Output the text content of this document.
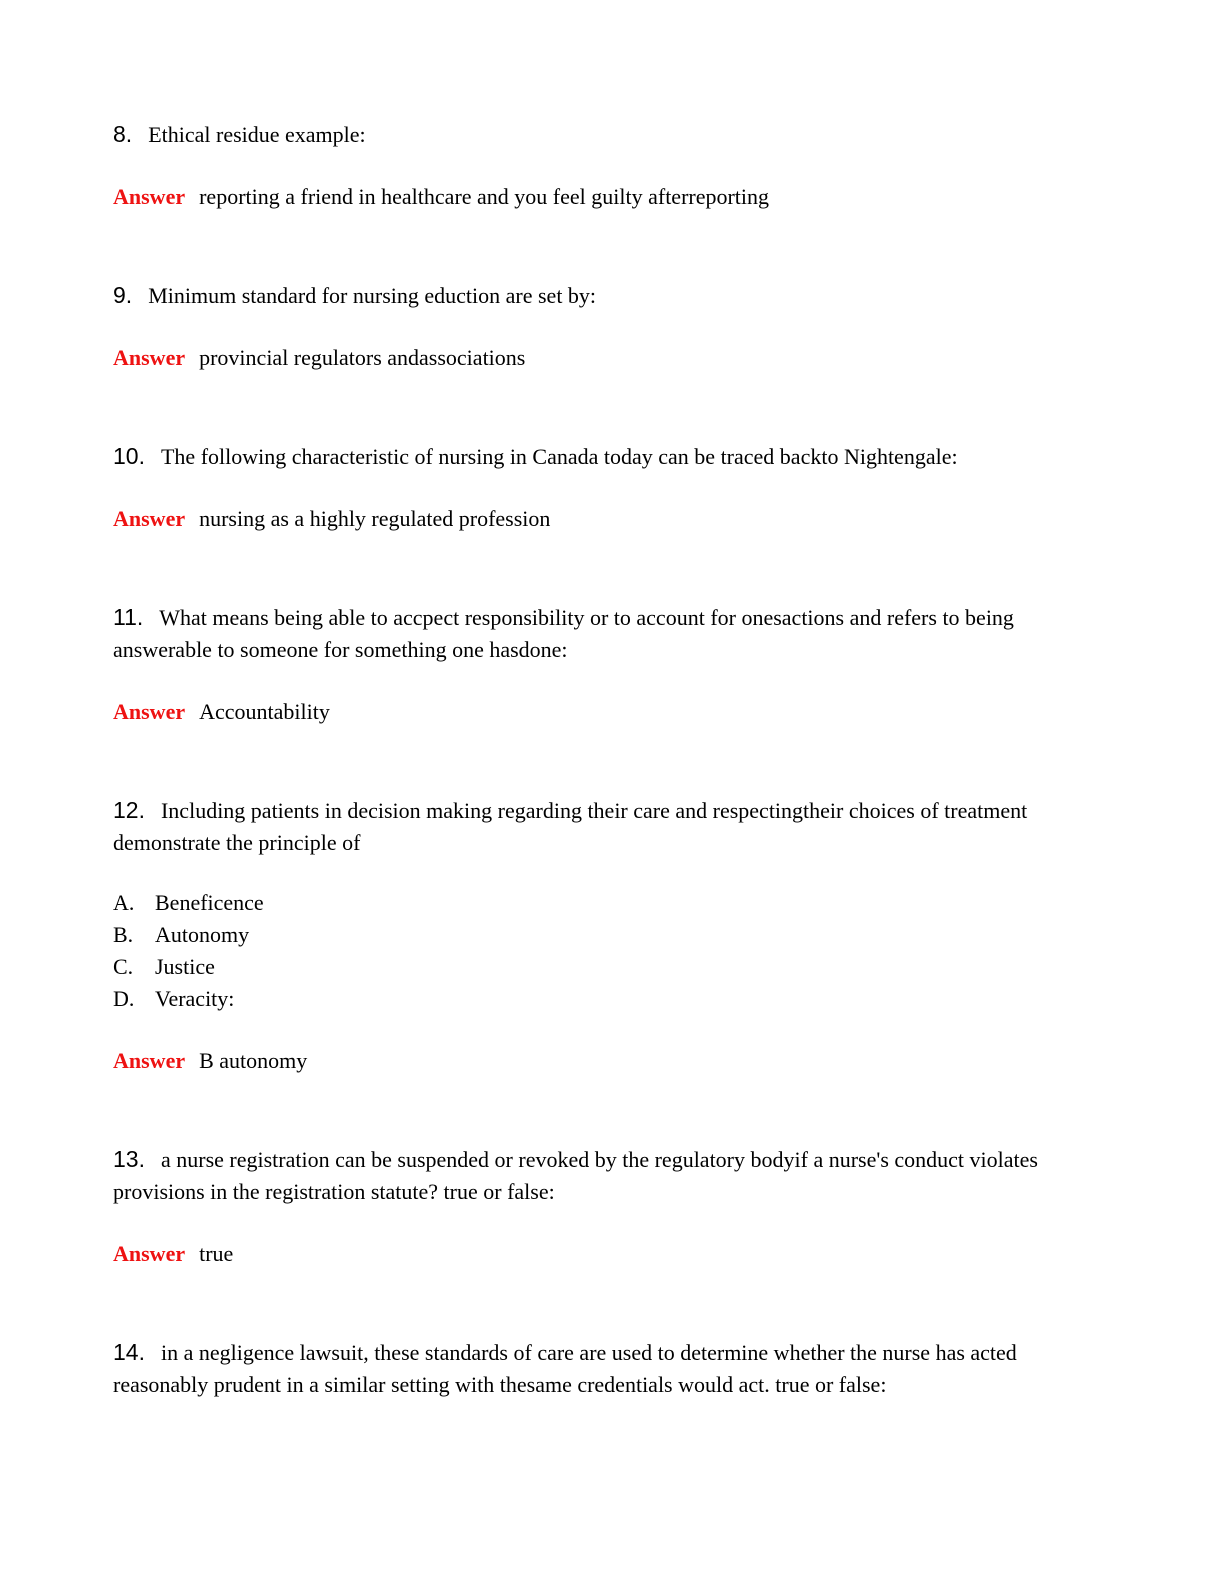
8. Ethical residue example:

Answer reporting a friend in healthcare and you feel guilty afterreporting

9. Minimum standard for nursing eduction are set by:

Answer provincial regulators andassociations

10. The following characteristic of nursing in Canada today can be traced backto Nightengale:

Answer nursing as a highly regulated profession

11. What means being able to accpect responsibility or to account for onesactions and refers to being answerable to someone for something one hasdone:

Answer Accountability

12. Including patients in decision making regarding their care and respectingtheir choices of treatment demonstrate the principle of

A. Beneficence

B. Autonomy

C. Justice

D. Veracity:

Answer B autonomy

13. a nurse registration can be suspended or revoked by the regulatory bodyif a nurse's conduct violates provisions in the registration statute? true or false:

Answer true

14. in a negligence lawsuit, these standards of care are used to determine whether the nurse has acted reasonably prudent in a similar setting with thesame credentials would act. true or false:
